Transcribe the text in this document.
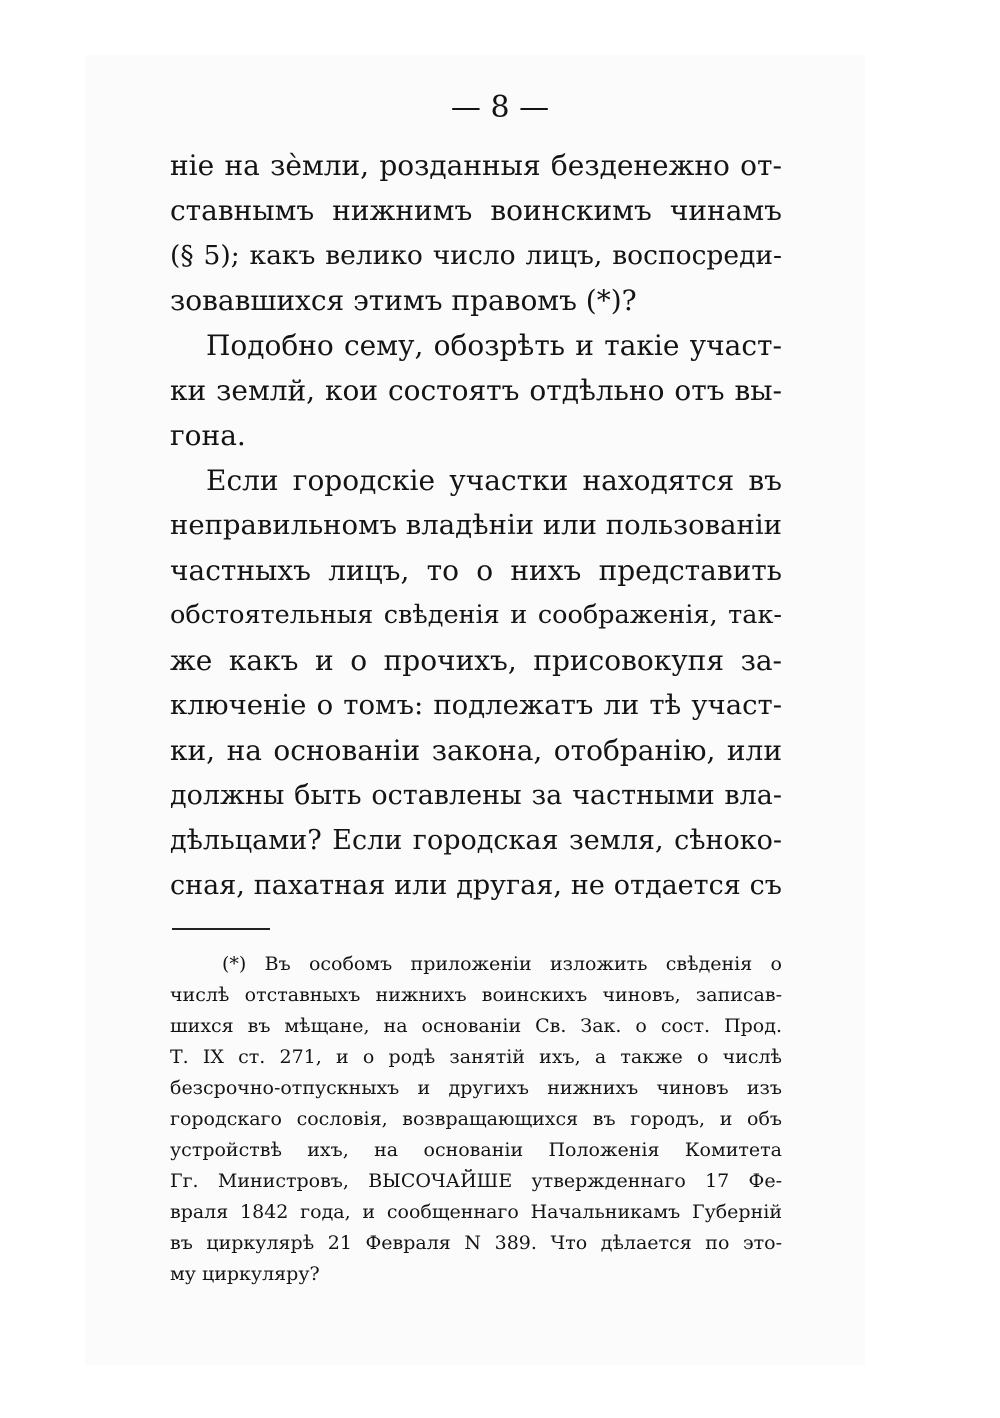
— 8 —
ніе на зѐмли, розданныя безденежно от-
ставнымъ нижнимъ воинскимъ чинамъ
(§ 5); какъ велико число лицъ, воспосреди-
зовавшихся этимъ правомъ (*)?
Подобно сему, обозрѣть и такіе участ-
ки землй, кои состоятъ отдѣльно отъ вы-
гона.
Если городскіе участки находятся въ
неправильномъ владѣніи или пользованіи
частныхъ лицъ, то о нихъ представить
обстоятельныя свѣденія и соображенія, так-
же какъ и о прочихъ, присовокупя за-
ключеніе о томъ: подлежатъ ли тѣ участ-
ки, на основаніи закона, отобранію, или
должны быть оставлены за частными вла-
дѣльцами? Если городская земля, сѣноко-
сная, пахатная или другая, не отдается съ
(*) Въ особомъ приложеніи изложить свѣденія о
числѣ отставныхъ нижнихъ воинскихъ чиновъ, записав-
шихся въ мѣщане, на основаніи Св. Зак. о сост. Прод.
Т. IX ст. 271, и о родѣ занятій ихъ, а также о числѣ
безсрочно-отпускныхъ и другихъ нижнихъ чиновъ изъ
городскаго сословія, возвращающихся въ городъ, и объ
устройствѣ ихъ, на основаніи Положенія Комитета
Гг. Министровъ, ВЫСОЧАЙШЕ утвержденнаго 17 Фе-
враля 1842 года, и сообщеннаго Начальникамъ Губерній
въ циркулярѣ 21 Февраля N 389. Что дѣлается по это-
му циркуляру?
